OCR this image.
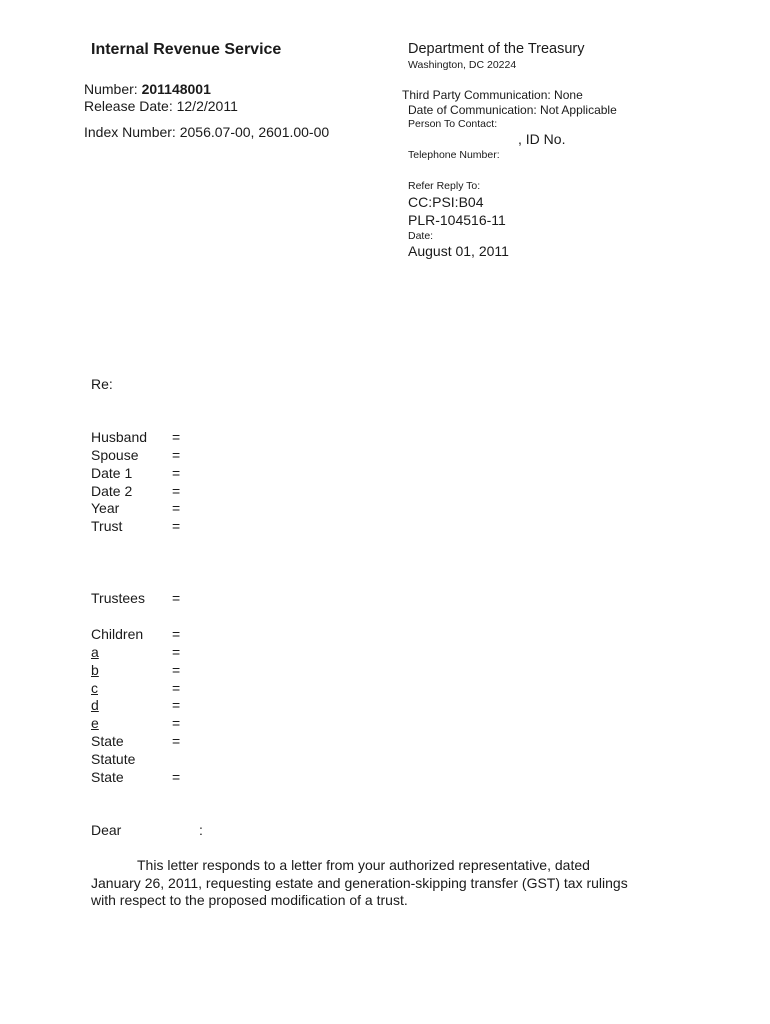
Internal Revenue Service
Number: 201148001
Release Date: 12/2/2011
Index Number: 2056.07-00, 2601.00-00
Department of the Treasury
Washington, DC 20224
Third Party Communication: None
Date of Communication: Not Applicable
Person To Contact:
, ID No.
Telephone Number:
Refer Reply To:
CC:PSI:B04
PLR-104516-11
Date:
August 01, 2011
Re:
Husband =
Spouse =
Date 1	=
Date 2	=
Year	=
Trust	=
Trustees =
Children =
a	=
b	=
c	=
d	=
e	=
State	=
Statute
State	=
Dear	:
This letter responds to a letter from your authorized representative, dated
January 26, 2011, requesting estate and generation-skipping transfer (GST) tax rulings
with respect to the proposed modification of a trust.
